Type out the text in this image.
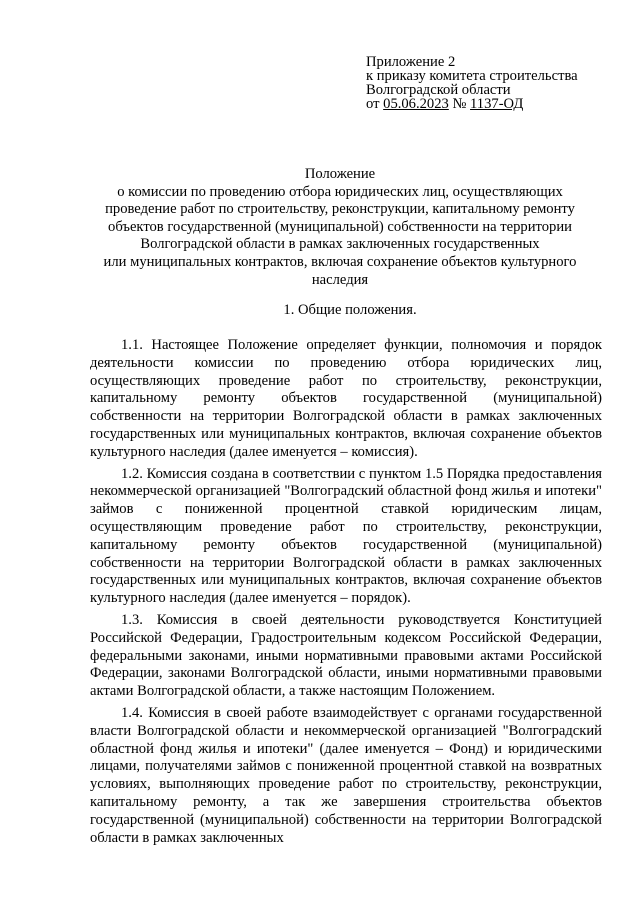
Приложение 2
к приказу комитета строительства
Волгоградской области
от 05.06.2023 № 1137-ОД
Положение
о комиссии по проведению отбора юридических лиц, осуществляющих
проведение работ по строительству, реконструкции, капитальному ремонту
объектов государственной (муниципальной) собственности на территории
Волгоградской области в рамках заключенных государственных
или муниципальных контрактов, включая сохранение объектов культурного
наследия
1. Общие положения.

1.1. Настоящее Положение определяет функции, полномочия и порядок деятельности комиссии по проведению отбора юридических лиц, осуществляющих проведение работ по строительству, реконструкции, капитальному ремонту объектов государственной (муниципальной) собственности на территории Волгоградской области в рамках заключенных государственных или муниципальных контрактов, включая сохранение объектов культурного наследия (далее именуется – комиссия).

1.2. Комиссия создана в соответствии с пунктом 1.5 Порядка предоставления некоммерческой организацией "Волгоградский областной фонд жилья и ипотеки" займов с пониженной процентной ставкой юридическим лицам, осуществляющим проведение работ по строительству, реконструкции, капитальному ремонту объектов государственной (муниципальной) собственности на территории Волгоградской области в рамках заключенных государственных или муниципальных контрактов, включая сохранение объектов культурного наследия (далее именуется – порядок).

1.3. Комиссия в своей деятельности руководствуется Конституцией Российской Федерации, Градостроительным кодексом Российской Федерации, федеральными законами, иными нормативными правовыми актами Российской Федерации, законами Волгоградской области, иными нормативными правовыми актами Волгоградской области, а также настоящим Положением.

1.4. Комиссия в своей работе взаимодействует с органами государственной власти Волгоградской области и некоммерческой организацией "Волгоградский областной фонд жилья и ипотеки" (далее именуется – Фонд) и юридическими лицами, получателями займов с пониженной процентной ставкой на возвратных условиях, выполняющих проведение работ по строительству, реконструкции, капитальному ремонту, а так же завершения строительства объектов государственной (муниципальной) собственности на территории Волгоградской области в рамках заключенных
